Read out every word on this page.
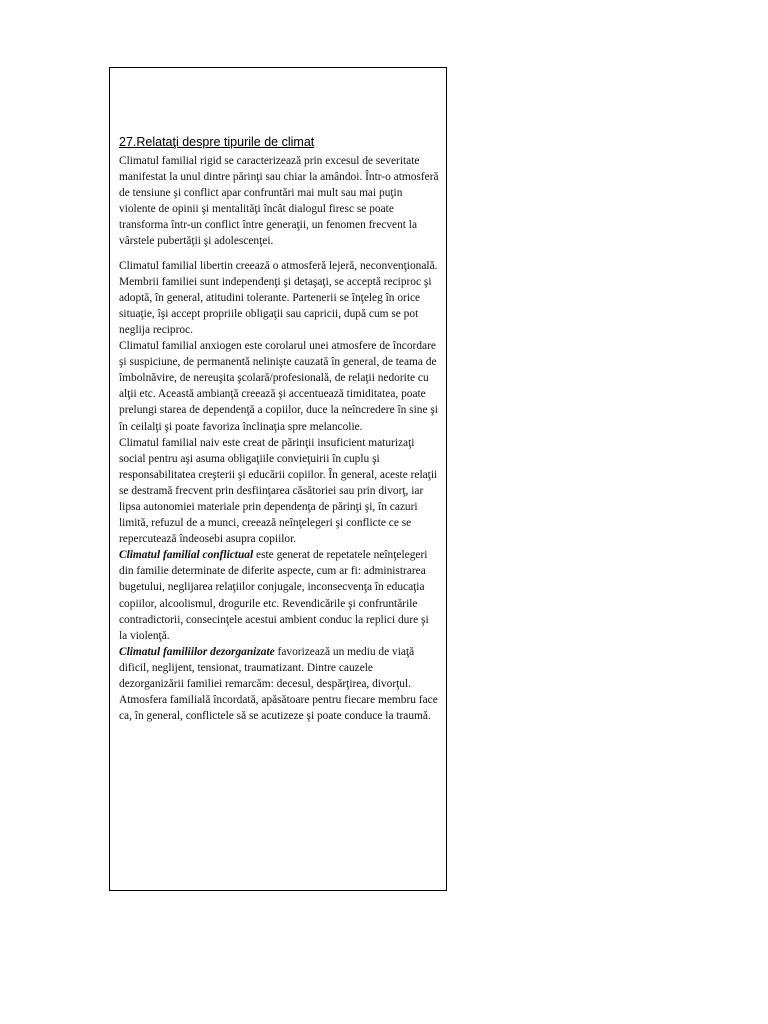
27.Relataţi despre tipurile de climat

Climatul familial rigid se caracterizează prin excesul de severitate manifestat la unul dintre părinţi sau chiar la amândoi. Într-o atmosferă de tensiune şi conflict apar confruntări mai mult sau mai puţin violente de opinii şi mentalităţi încât dialogul firesc se poate transforma într-un conflict între generaţii, un fenomen frecvent la vârstele pubertăţii şi adolescenţei.

Climatul familial libertin creează o atmosferă lejeră, neconvenţională. Membrii familiei sunt independenţi şi detaşaţi, se acceptă reciproc şi adoptă, în general, atitudini tolerante. Partenerii se înţeleg în orice situaţie, îşi accept propriile obligaţii sau capricii, după cum se pot neglija reciproc.

Climatul familial anxiogen este corolarul unei atmosfere de încordare şi suspiciune, de permanentă nelinişte cauzată în general, de teama de îmbolnăvire, de nereuşita şcolară/profesională, de relaţii nedorite cu alţii etc. Această ambianţă creează şi accentuează timiditatea, poate prelungi starea de dependenţă a copiilor, duce la neîncredere în sine şi în ceilalţi şi poate favoriza înclinaţia spre melancolie.

Climatul familial naiv este creat de părinţii insuficient maturizaţi social pentru aşi asuma obligaţiile convieţuirii în cuplu şi responsabilitatea creşterii şi educării copiilor. În general, aceste relaţii se destramă frecvent prin desfiinţarea căsătoriei sau prin divorţ, iar lipsa autonomiei materiale prin dependenţa de părinţi şi, în cazuri limită, refuzul de a munci, creează neînţelegeri şi conflicte ce se repercutează îndeosebi asupra copiilor.

Climatul familial conflictual este generat de repetatele neînţelegeri din familie determinate de diferite aspecte, cum ar fi: administrarea bugetului, neglijarea relaţiilor conjugale, inconsecvenţa în educaţia copiilor, alcoolismul, drogurile etc. Revendicările şi confruntările contradictorii, consecinţele acestui ambient conduc la replici dure şi la violenţă.

Climatul familiilor dezorganizate favorizează un mediu de viaţă dificil, neglijent, tensionat, traumatizant. Dintre cauzele dezorganizării familiei remarcăm: decesul, despărţirea, divorţul. Atmosfera familială încordată, apăsătoare pentru fiecare membru face ca, în general, conflictele să se acutizeze şi poate conduce la traumă.
